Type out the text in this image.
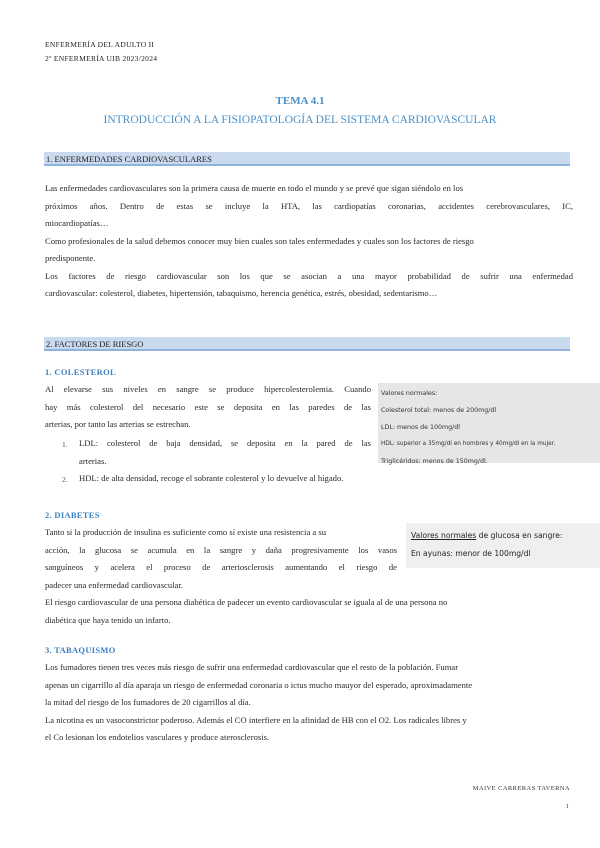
ENFERMERÍA DEL ADULTO II
2º ENFERMERÍA UIB 2023/2024
TEMA 4.1
INTRODUCCIÓN A LA FISIOPATOLOGÍA DEL SISTEMA CARDIOVASCULAR
1. ENFERMEDADES CARDIOVASCULARES
Las enfermedades cardiovasculares son la primera causa de muerte en todo el mundo y se prevé que sigan siéndolo en los
próximos años. Dentro de estas se incluye la HTA, las cardiopatías coronarias, accidentes cerebrovasculares, IC,
miocardiopatías…
Como profesionales de la salud debemos conocer muy bien cuales son tales enfermedades y cuales son los factores de riesgo
predisponente.
Los factores de riesgo cardiovascular son los que se asocian a una mayor probabilidad de sufrir una enfermedad
cardiovascular: colesterol, diabetes, hipertensión, tabaquismo, herencia genética, estrés, obesidad, sedentarismo…
2. FACTORES DE RIESGO
1. COLESTEROL
Al elevarse sus niveles en sangre se produce hipercolesterolemia. Cuando
hay más colesterol del necesario este se deposita en las paredes de las
arterias, por tanto las arterias se estrechan.
1. LDL: colesterol de baja densidad, se deposita en la pared de las
arterias.
2. HDL: de alta densidad, recoge el sobrante colesterol y lo devuelve al hígado.
Valores normales:
Colesterol total: menos de 200mg/dl
LDL: menos de 100mg/dl
HDL: superior a 35mg/dl en hombres y 40mg/dl en la mujer.
Triglicéridos: menos de 150mg/dl.
2. DIABETES
Tanto si la producción de insulina es suficiente como sí existe una resistencia a su
acción, la glucosa se acumula en la sangre y daña progresivamente los vasos
sanguíneos y acelera el proceso de arteriosclerosis aumentando el riesgo de
padecer una enfermedad cardiovascular.
El riesgo cardiovascular de una persona diabética de padecer un evento cardiovascular se iguala al de una persona no
diabética que haya tenido un infarto.
Valores normales de glucosa en sangre:
En ayunas: menor de 100mg/dl
3. TABAQUISMO
Los fumadores tienen tres veces más riesgo de sufrir una enfermedad cardiovascular que el resto de la población. Fumar
apenas un cigarrillo al día aparaja un riesgo de enfermedad coronaria o ictus mucho mauyor del esperado, aproximadamente
la mitad del riesgo de los fumadores de 20 cigarrillos al día.
La nicotina es un vasoconstrictor poderoso. Además el CO interfiere en la afinidad de HB con el O2. Los radicales libres y
el Co lesionan los endotelios vasculares y produce aterosclerosis.
MAIVE CARRERAS TAVERNA
1
